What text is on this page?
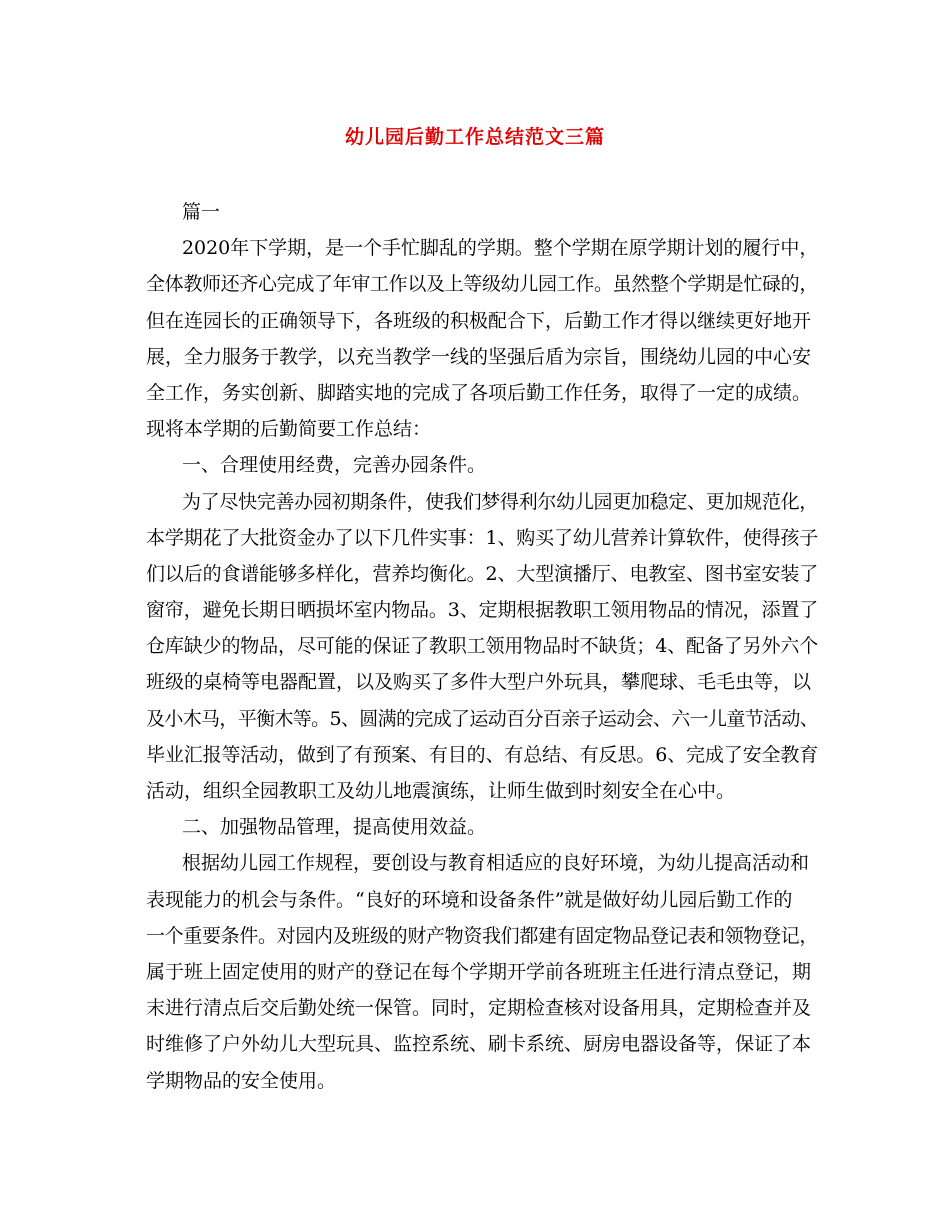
幼儿园后勤工作总结范文三篇
篇一
2020年下学期，是一个手忙脚乱的学期。整个学期在原学期计划的履行中，
全体教师还齐心完成了年审工作以及上等级幼儿园工作。虽然整个学期是忙碌的，
但在连园长的正确领导下，各班级的积极配合下，后勤工作才得以继续更好地开
展，全力服务于教学，以充当教学一线的坚强后盾为宗旨，围绕幼儿园的中心安
全工作，务实创新、脚踏实地的完成了各项后勤工作任务，取得了一定的成绩。
现将本学期的后勤简要工作总结：
一、合理使用经费，完善办园条件。
为了尽快完善办园初期条件，使我们梦得利尔幼儿园更加稳定、更加规范化，
本学期花了大批资金办了以下几件实事：1、购买了幼儿营养计算软件，使得孩子
们以后的食谱能够多样化，营养均衡化。2、大型演播厅、电教室、图书室安装了
窗帘，避免长期日晒损坏室内物品。3、定期根据教职工领用物品的情况，添置了
仓库缺少的物品，尽可能的保证了教职工领用物品时不缺货；4、配备了另外六个
班级的桌椅等电器配置，以及购买了多件大型户外玩具，攀爬球、毛毛虫等，以
及小木马，平衡木等。5、圆满的完成了运动百分百亲子运动会、六一儿童节活动、
毕业汇报等活动，做到了有预案、有目的、有总结、有反思。6、完成了安全教育
活动，组织全园教职工及幼儿地震演练，让师生做到时刻安全在心中。
二、加强物品管理，提高使用效益。
根据幼儿园工作规程，要创设与教育相适应的良好环境，为幼儿提高活动和
表现能力的机会与条件。“良好的环境和设备条件”就是做好幼儿园后勤工作的
一个重要条件。对园内及班级的财产物资我们都建有固定物品登记表和领物登记，
属于班上固定使用的财产的登记在每个学期开学前各班班主任进行清点登记，期
末进行清点后交后勤处统一保管。同时，定期检查核对设备用具，定期检查并及
时维修了户外幼儿大型玩具、监控系统、刷卡系统、厨房电器设备等，保证了本
学期物品的安全使用。
